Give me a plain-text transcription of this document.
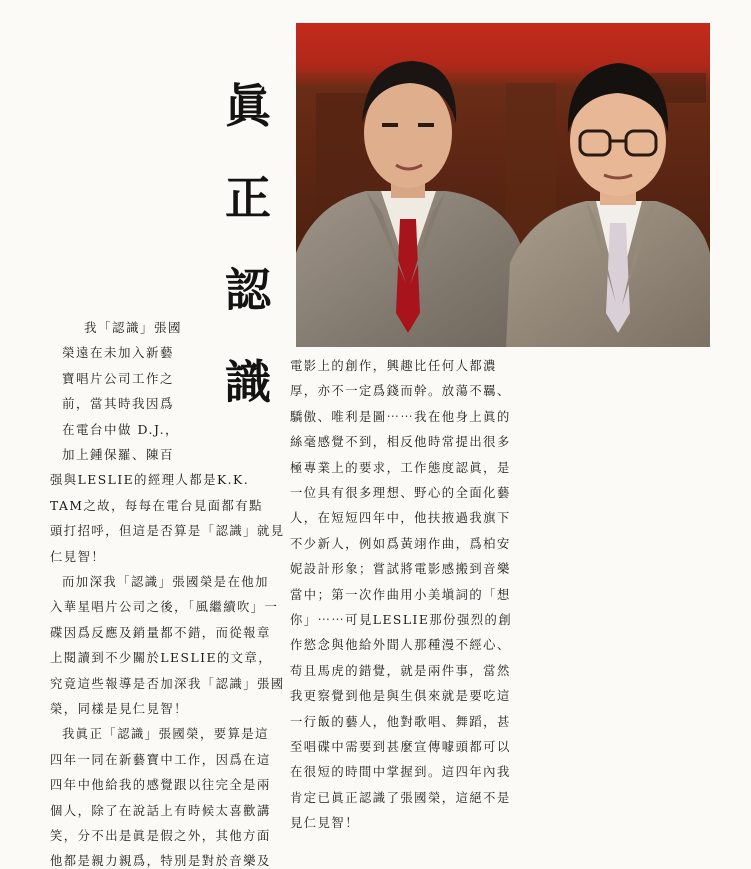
眞
正
認
識
我「認識」張國
榮遠在未加入新藝
寶唱片公司工作之
前，當其時我因爲
在電台中做 D.J.，
加上鍾保羅、陳百
强與LESLIE的經理人都是K.K.
TAM之故，每每在電台見面都有點
頭打招呼，但這是否算是「認識」就見
仁見智！
而加深我「認識」張國榮是在他加
入華星唱片公司之後，「風繼續吹」一
碟因爲反應及銷量都不錯，而從報章
上閱讀到不少關於LESLIE的文章，
究竟這些報導是否加深我「認識」張國
榮，同樣是見仁見智！
我眞正「認識」張國榮，要算是這
四年一同在新藝寶中工作，因爲在這
四年中他給我的感覺跟以往完全是兩
個人，除了在說話上有時候太喜歡講
笑，分不出是眞是假之外，其他方面
他都是親力親爲，特別是對於音樂及
電影上的創作，興趣比任何人都濃
厚，亦不一定爲錢而幹。放蕩不羈、
驕傲、唯利是圖⋯⋯我在他身上眞的
絲毫感覺不到，相反他時常提出很多
極專業上的要求，工作態度認眞，是
一位具有很多理想、野心的全面化藝
人，在短短四年中，他扶掖過我旗下
不少新人，例如爲黃翊作曲，爲柏安
妮設計形象；嘗試將電影感搬到音樂
當中；第一次作曲用小美塡詞的「想
你」⋯⋯可見LESLIE那份强烈的創
作慾念與他給外間人那種漫不經心、
苟且馬虎的錯覺，就是兩件事，當然
我更察覺到他是與生俱來就是要吃這
一行飯的藝人，他對歌唱、舞蹈，甚
至唱碟中需要到甚麼宣傳噱頭都可以
在很短的時間中掌握到。這四年內我
肯定已眞正認識了張國榮，這絕不是
見仁見智！
